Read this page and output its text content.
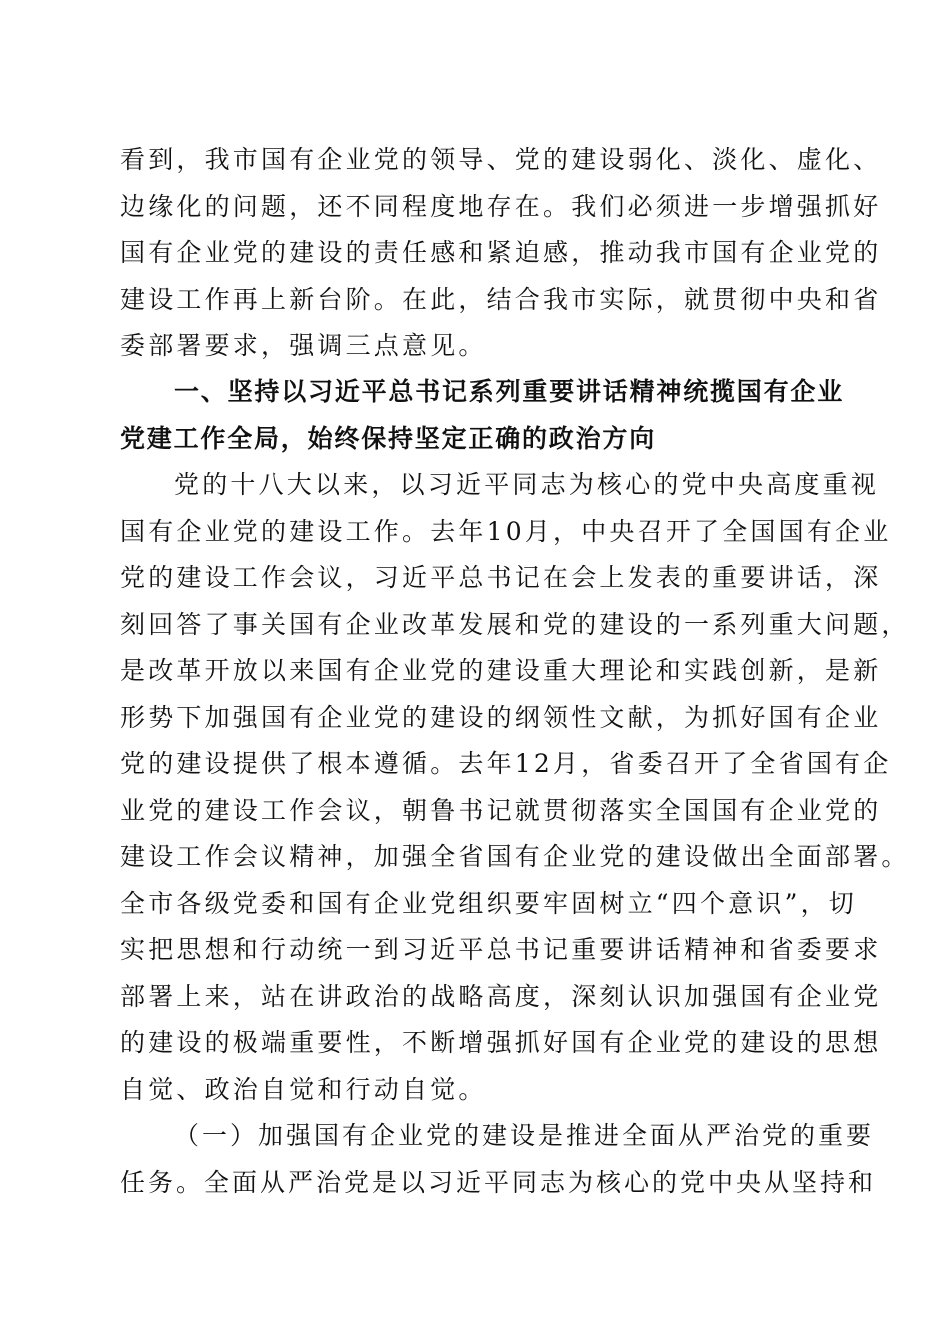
看到，我市国有企业党的领导、党的建设弱化、淡化、虚化、
边缘化的问题，还不同程度地存在。我们必须进一步增强抓好
国有企业党的建设的责任感和紧迫感，推动我市国有企业党的
建设工作再上新台阶。在此，结合我市实际，就贯彻中央和省
委部署要求，强调三点意见。
一、坚持以习近平总书记系列重要讲话精神统揽国有企业
党建工作全局，始终保持坚定正确的政治方向
党的十八大以来，以习近平同志为核心的党中央高度重视
国有企业党的建设工作。去年10月，中央召开了全国国有企业
党的建设工作会议，习近平总书记在会上发表的重要讲话，深
刻回答了事关国有企业改革发展和党的建设的一系列重大问题，
是改革开放以来国有企业党的建设重大理论和实践创新，是新
形势下加强国有企业党的建设的纲领性文献，为抓好国有企业
党的建设提供了根本遵循。去年12月，省委召开了全省国有企
业党的建设工作会议，朝鲁书记就贯彻落实全国国有企业党的
建设工作会议精神，加强全省国有企业党的建设做出全面部署。
全市各级党委和国有企业党组织要牢固树立“四个意识”，切
实把思想和行动统一到习近平总书记重要讲话精神和省委要求
部署上来，站在讲政治的战略高度，深刻认识加强国有企业党
的建设的极端重要性，不断增强抓好国有企业党的建设的思想
自觉、政治自觉和行动自觉。
（一）加强国有企业党的建设是推进全面从严治党的重要
任务。全面从严治党是以习近平同志为核心的党中央从坚持和
